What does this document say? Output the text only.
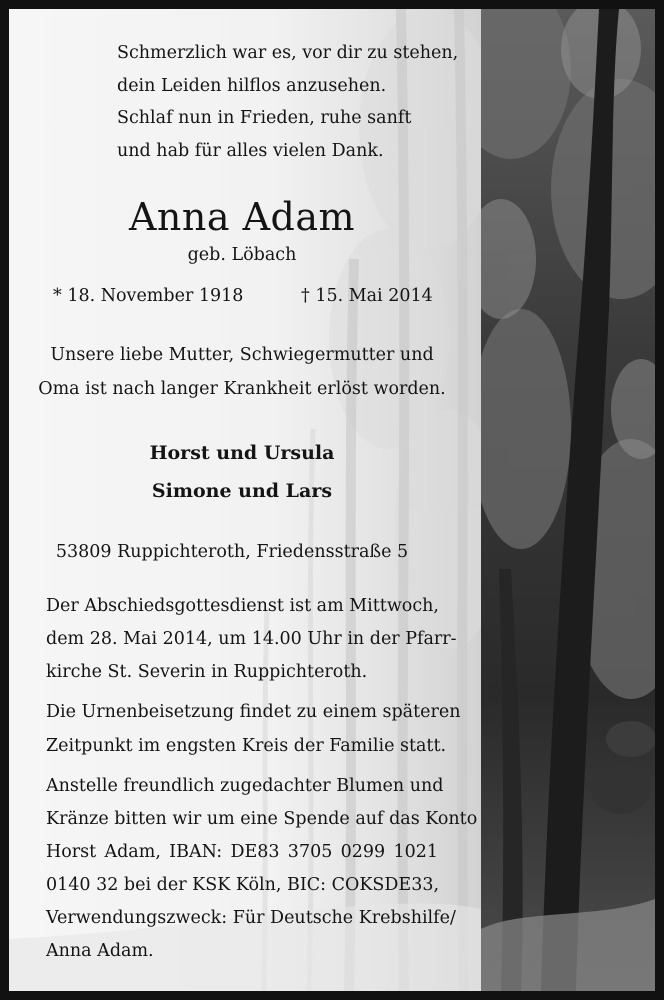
Schmerzlich war es, vor dir zu stehen,
dein Leiden hilflos anzusehen.
Schlaf nun in Frieden, ruhe sanft
und hab für alles vielen Dank.
Anna Adam
geb. Löbach
* 18. November 1918	† 15. Mai 2014
Unsere liebe Mutter, Schwiegermutter und
Oma ist nach langer Krankheit erlöst worden.
Horst und Ursula
Simone und Lars
53809 Ruppichteroth, Friedensstraße 5
Der Abschiedsgottesdienst ist am Mittwoch,
dem 28. Mai 2014, um 14.00 Uhr in der Pfarr-
kirche St. Severin in Ruppichteroth.
Die Urnenbeisetzung findet zu einem späteren
Zeitpunkt im engsten Kreis der Familie statt.
Anstelle freundlich zugedachter Blumen und
Kränze bitten wir um eine Spende auf das Konto
Horst Adam, IBAN: DE83 3705 0299 1021
0140 32 bei der KSK Köln, BIC: COKSDE33,
Verwendungszweck: Für Deutsche Krebshilfe/
Anna Adam.
